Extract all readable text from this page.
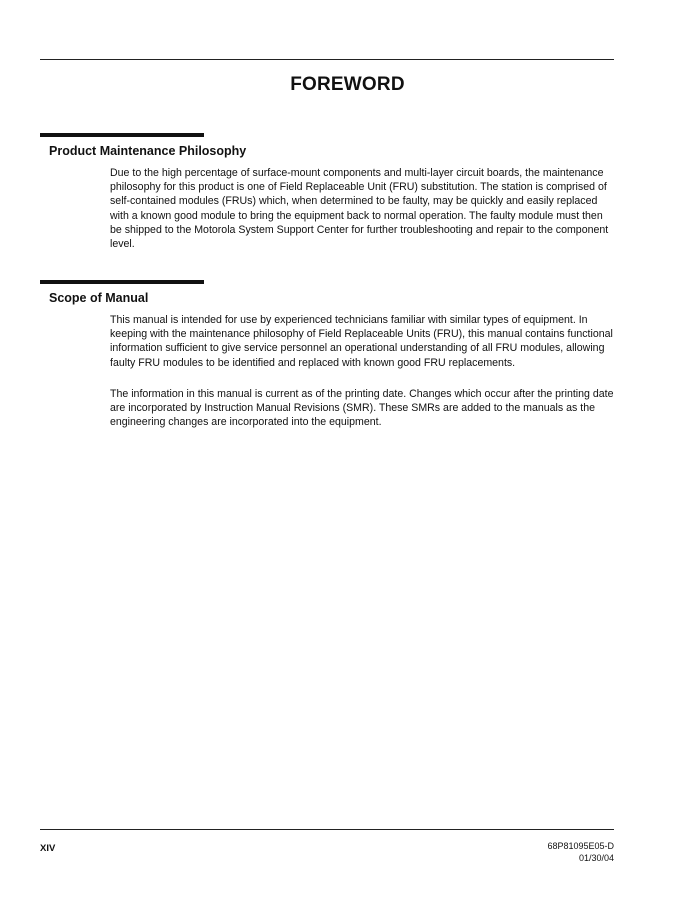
FOREWORD
Product Maintenance Philosophy

Due to the high percentage of surface-mount components and multi-layer circuit boards, the maintenance philosophy for this product is one of Field Replaceable Unit (FRU) substitution. The station is comprised of self-contained modules (FRUs) which, when determined to be faulty, may be quickly and easily replaced with a known good module to bring the equipment back to normal operation. The faulty module must then be shipped to the Motorola System Support Center for further troubleshooting and repair to the component level.

Scope of Manual

This manual is intended for use by experienced technicians familiar with similar types of equipment. In keeping with the maintenance philosophy of Field Replaceable Units (FRU), this manual contains functional information sufficient to give service personnel an operational understanding of all FRU modules, allowing faulty FRU modules to be identified and replaced with known good FRU replacements.

The information in this manual is current as of the printing date. Changes which occur after the printing date are incorporated by Instruction Manual Revisions (SMR). These SMRs are added to the manuals as the engineering changes are incorporated into the equipment.

XIV	68P81095E05-D
01/30/04
